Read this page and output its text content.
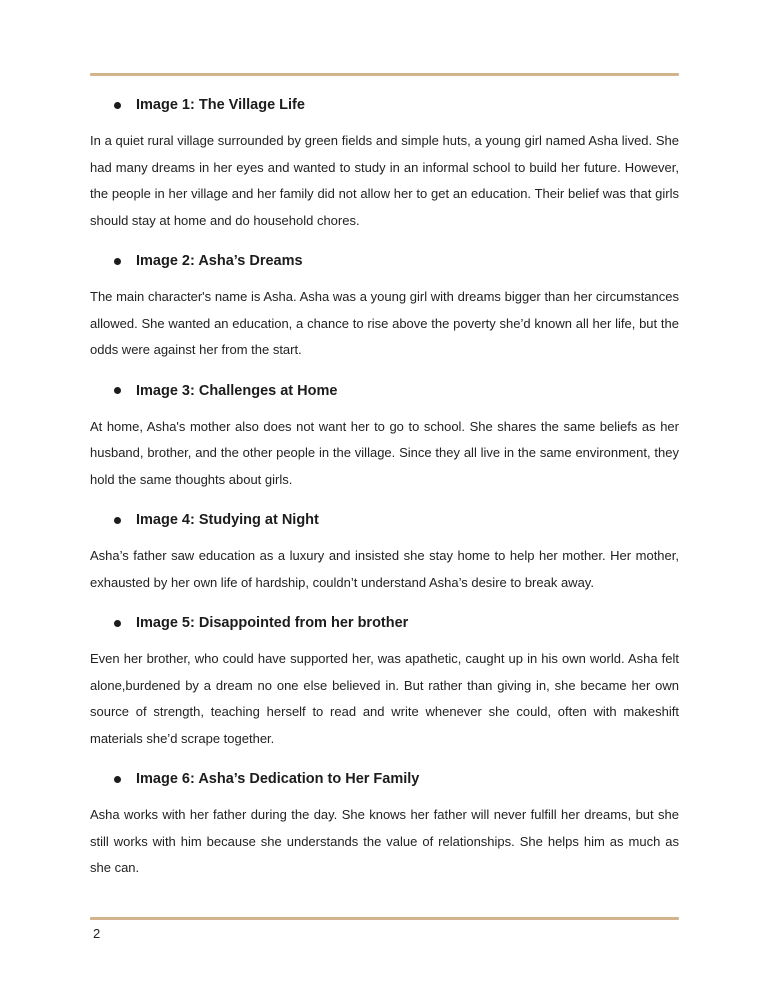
Image 1: The Village Life

In a quiet rural village surrounded by green fields and simple huts, a young girl named Asha lived. She had many dreams in her eyes and wanted to study in an informal school to build her future. However, the people in her village and her family did not allow her to get an education. Their belief was that girls should stay at home and do household chores.

Image 2: Asha’s Dreams

The main character's name is Asha. Asha was a young girl with dreams bigger than her circumstances allowed. She wanted an education, a chance to rise above the poverty she’d known all her life, but the odds were against her from the start.

Image 3: Challenges at Home

At home, Asha's mother also does not want her to go to school. She shares the same beliefs as her husband, brother, and the other people in the village. Since they all live in the same environment, they hold the same thoughts about girls.

Image 4: Studying at Night

Asha’s father saw education as a luxury and insisted she stay home to help her mother. Her mother, exhausted by her own life of hardship, couldn’t understand Asha’s desire to break away.

Image 5: Disappointed from her brother

Even her brother, who could have supported her, was apathetic, caught up in his own world. Asha felt alone,burdened by a dream no one else believed in. But rather than giving in, she became her own source of strength, teaching herself to read and write whenever she could, often with makeshift materials she’d scrape together.

Image 6: Asha’s Dedication to Her Family

Asha works with her father during the day. She knows her father will never fulfill her dreams, but she still works with him because she understands the value of relationships. She helps him as much as she can.

2
